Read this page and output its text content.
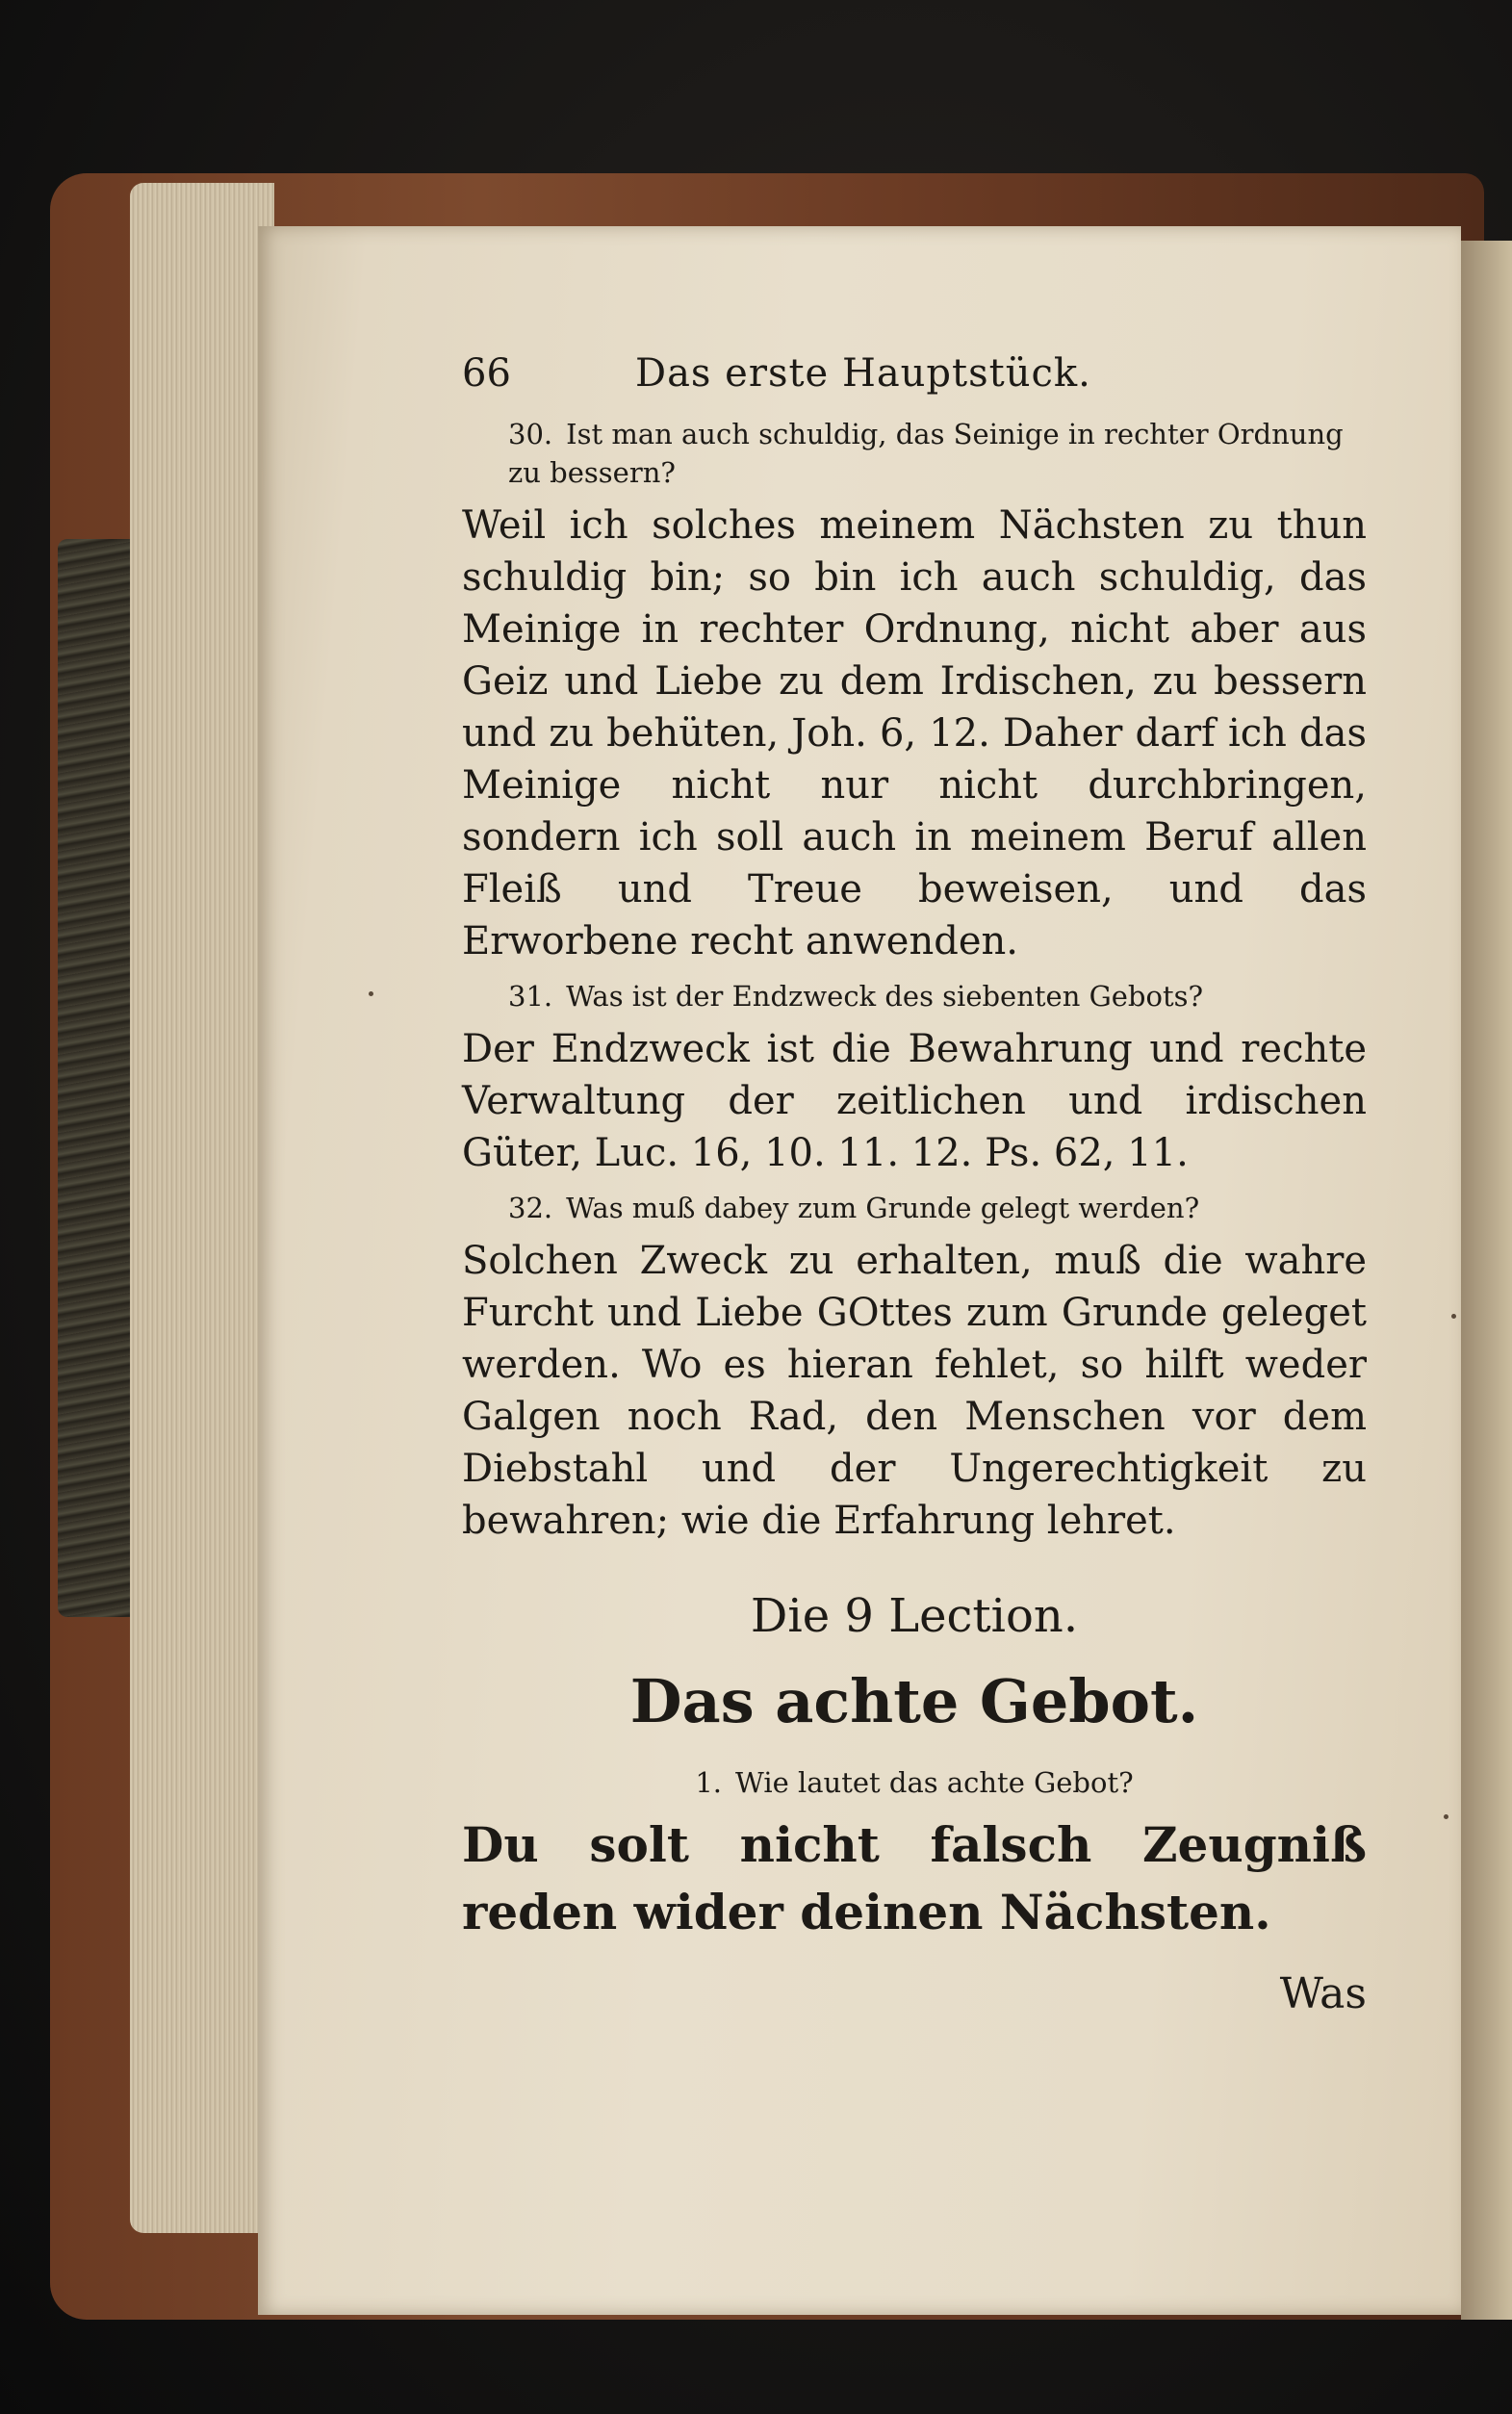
66	Das erste Hauptstück.
30. Ist man auch schuldig, das Seinige in rechter Ordnung zu bessern?
Weil ich solches meinem Nächsten zu thun schuldig bin; so bin ich auch schuldig, das Meinige in rechter Ordnung, nicht aber aus Geiz und Liebe zu dem Irdischen, zu bessern und zu behüten, Joh. 6, 12. Daher darf ich das Meinige nicht nur nicht durchbringen, sondern ich soll auch in meinem Beruf allen Fleiß und Treue beweisen, und das Erworbene recht anwenden.
31. Was ist der Endzweck des siebenten Gebots?
Der Endzweck ist die Bewahrung und rechte Verwaltung der zeitlichen und irdischen Güter, Luc. 16, 10. 11. 12. Ps. 62, 11.
32. Was muß dabey zum Grunde gelegt werden?
Solchen Zweck zu erhalten, muß die wahre Furcht und Liebe GOttes zum Grunde geleget werden. Wo es hieran fehlet, so hilft weder Galgen noch Rad, den Menschen vor dem Diebstahl und der Ungerechtigkeit zu bewahren; wie die Erfahrung lehret.
Die 9 Lection.
Das achte Gebot.
1. Wie lautet das achte Gebot?
Du solt nicht falsch Zeugniß reden wider deinen Nächsten.
Was
